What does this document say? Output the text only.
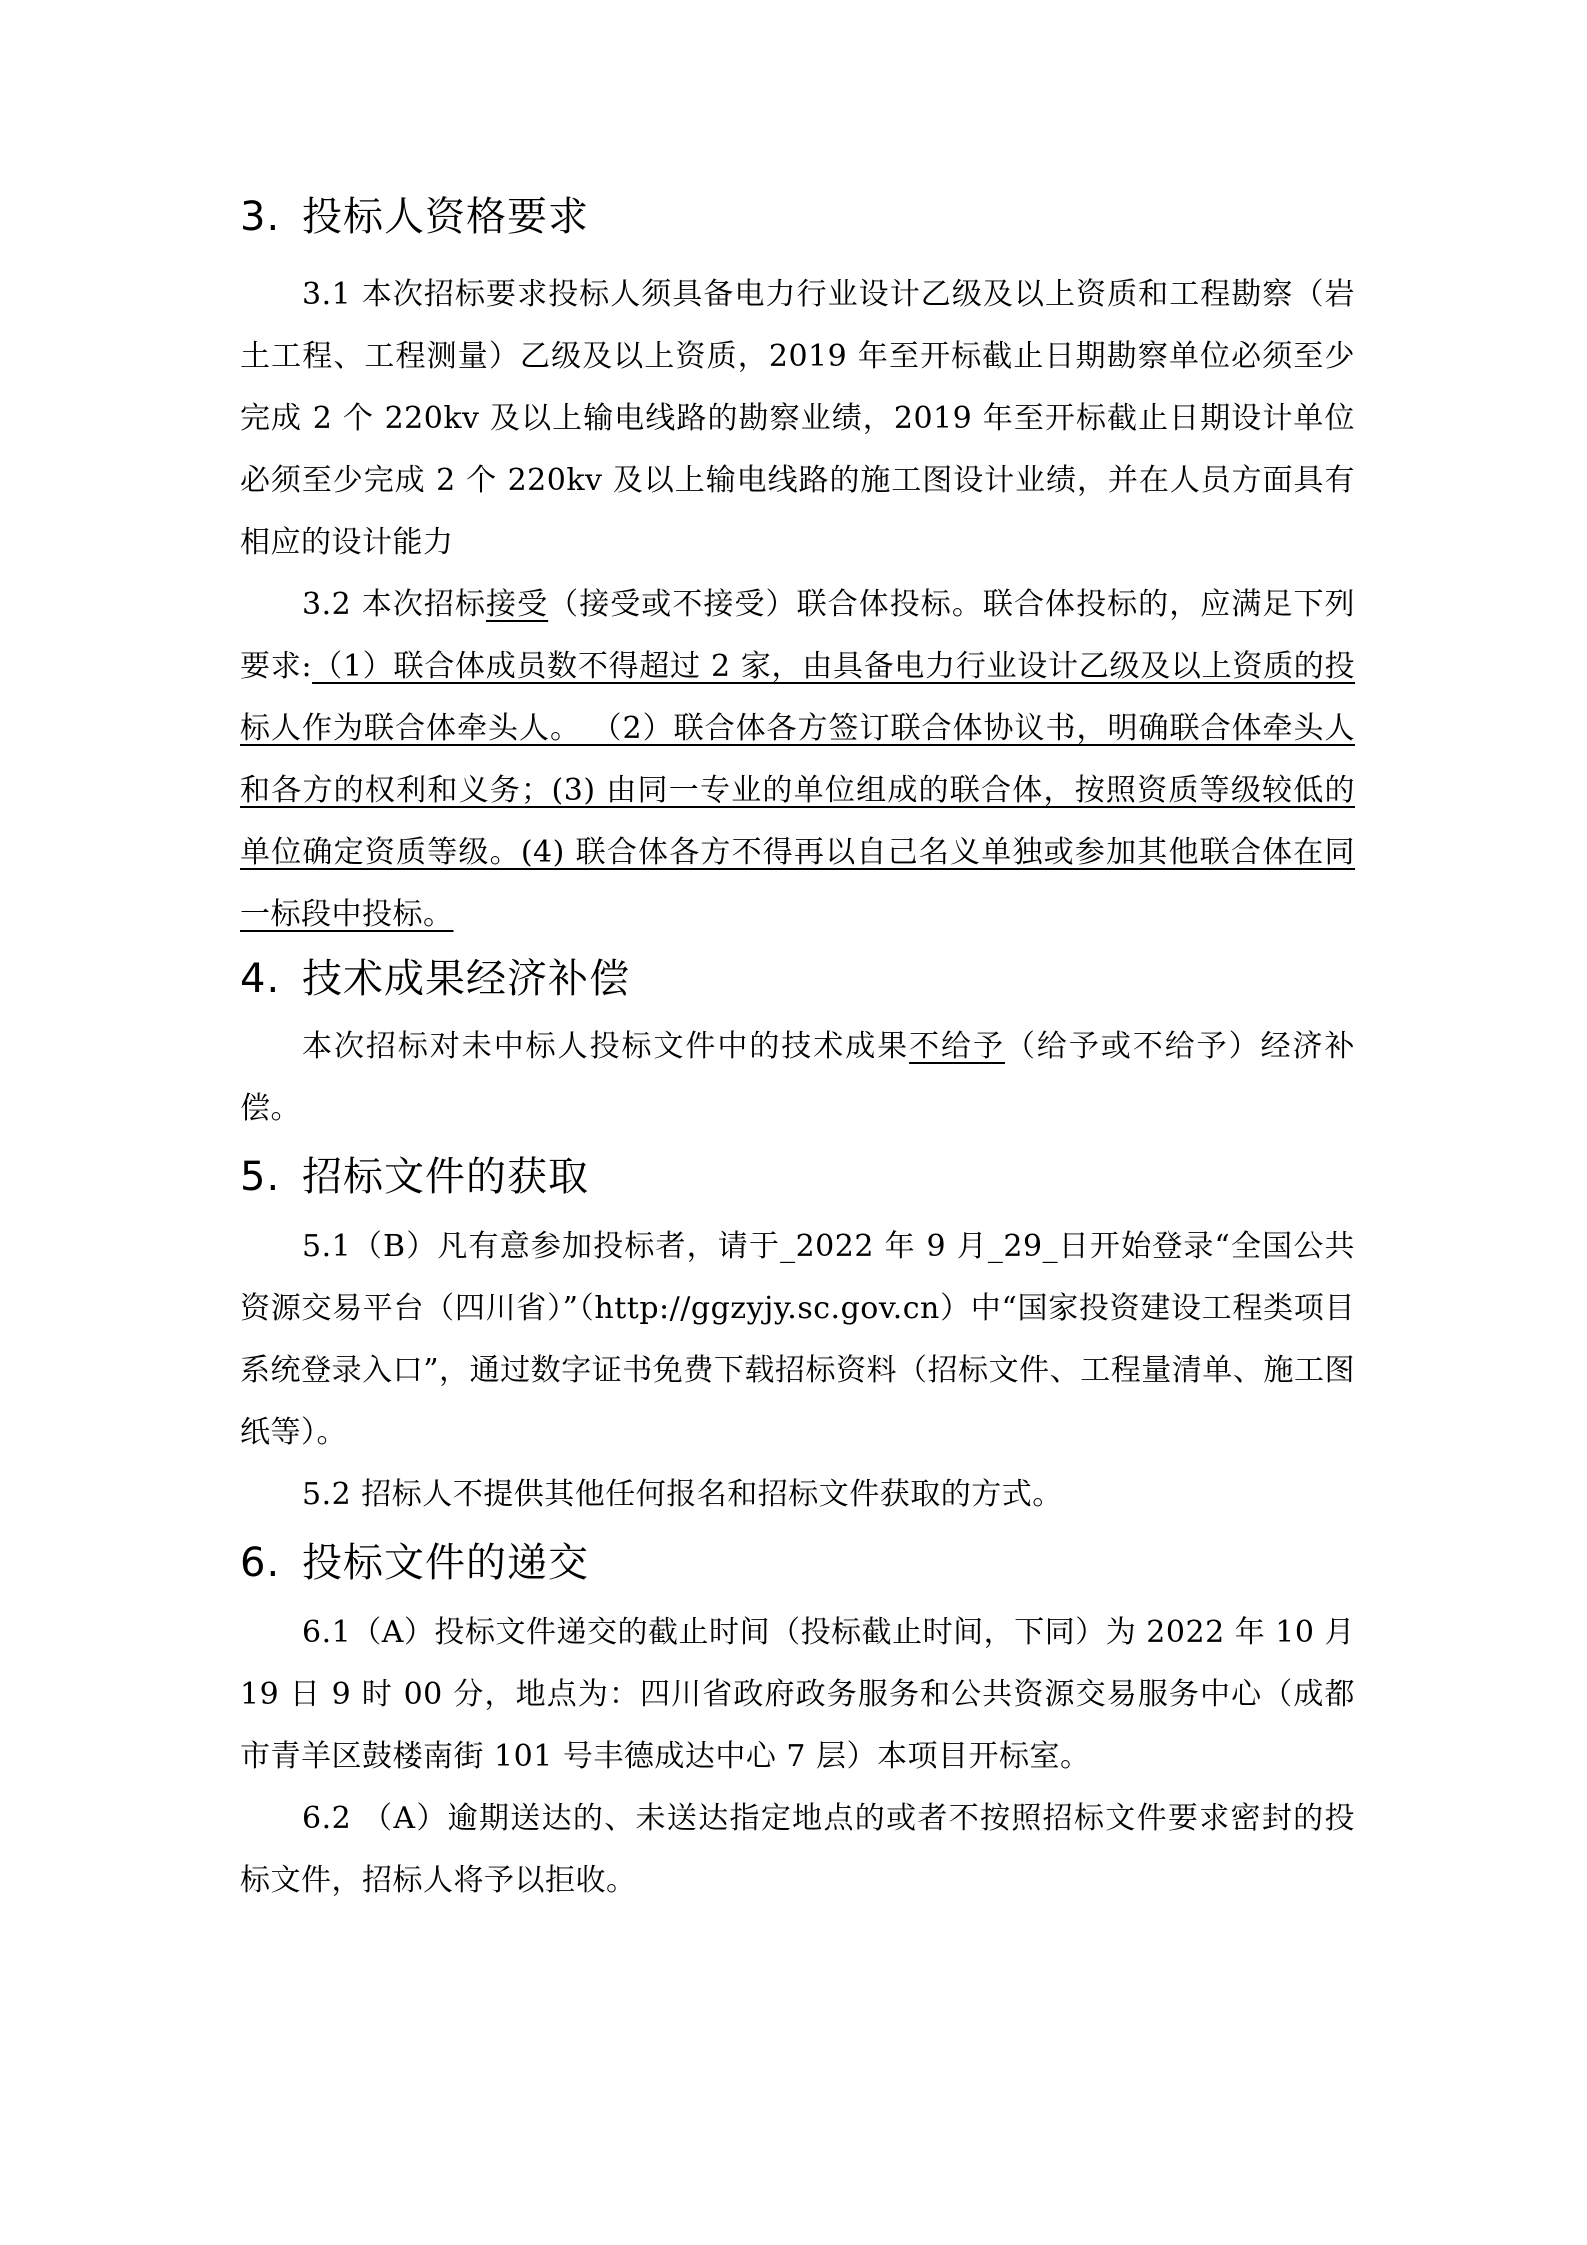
3. 投标人资格要求

3.1 本次招标要求投标人须具备电力行业设计乙级及以上资质和工程勘察（岩土工程、工程测量）乙级及以上资质，2019 年至开标截止日期勘察单位必须至少完成 2 个 220kv 及以上输电线路的勘察业绩，2019 年至开标截止日期设计单位必须至少完成 2 个 220kv 及以上输电线路的施工图设计业绩，并在人员方面具有相应的设计能力

3.2 本次招标接受（接受或不接受）联合体投标。联合体投标的，应满足下列要求:（1）联合体成员数不得超过 2 家，由具备电力行业设计乙级及以上资质的投标人作为联合体牵头人。 （2）联合体各方签订联合体协议书，明确联合体牵头人和各方的权利和义务；(3) 由同一专业的单位组成的联合体，按照资质等级较低的单位确定资质等级。(4) 联合体各方不得再以自己名义单独或参加其他联合体在同一标段中投标。

4. 技术成果经济补偿

本次招标对未中标人投标文件中的技术成果不给予（给予或不给予）经济补偿。

5. 招标文件的获取

5.1（B）凡有意参加投标者，请于_2022 年 9 月_29_日开始登录“全国公共资源交易平台（四川省）”（http://ggzyjy.sc.gov.cn）中“国家投资建设工程类项目系统登录入口”，通过数字证书免费下载招标资料（招标文件、工程量清单、施工图纸等）。

5.2 招标人不提供其他任何报名和招标文件获取的方式。

6. 投标文件的递交

6.1（A）投标文件递交的截止时间（投标截止时间，下同）为 2022 年 10 月 19 日 9 时 00 分，地点为：四川省政府政务服务和公共资源交易服务中心（成都市青羊区鼓楼南街 101 号丰德成达中心 7 层）本项目开标室。

6.2 （A）逾期送达的、未送达指定地点的或者不按照招标文件要求密封的投标文件，招标人将予以拒收。
